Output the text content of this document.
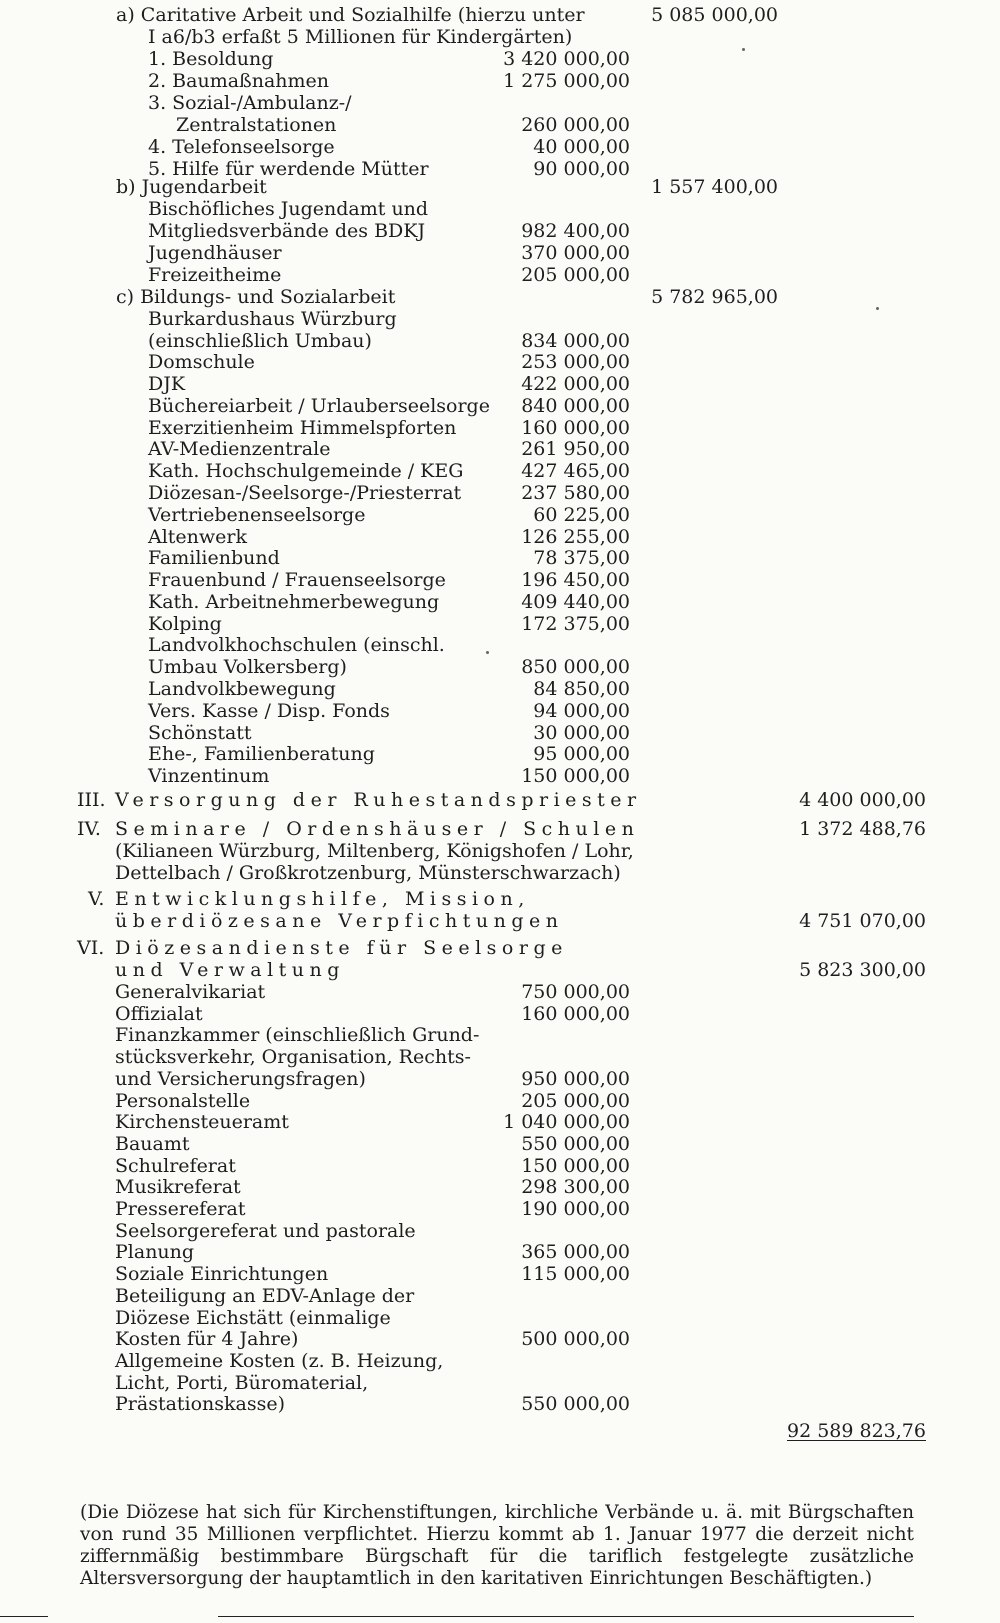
a) Caritative Arbeit und Sozialhilfe (hierzu unter	5 085 000,00
I a6/b3 erfaßt 5 Millionen für Kindergärten)
1. Besoldung	3 420 000,00
2. Baumaßnahmen	1 275 000,00
3. Sozial-/Ambulanz-/
Zentralstationen	260 000,00
4. Telefonseelsorge	40 000,00
5. Hilfe für werdende Mütter	90 000,00
b) Jugendarbeit	1 557 400,00
Bischöfliches Jugendamt und
Mitgliedsverbände des BDKJ	982 400,00
Jugendhäuser	370 000,00
Freizeitheime	205 000,00
c) Bildungs- und Sozialarbeit	5 782 965,00
Burkardushaus Würzburg
(einschließlich Umbau)	834 000,00
Domschule	253 000,00
DJK	422 000,00
Büchereiarbeit / Urlauberseelsorge 840 000,00
Exerzitienheim Himmelspforten	160 000,00
AV-Medienzentrale	261 950,00
Kath. Hochschulgemeinde / KEG	427 465,00
Diözesan-/Seelsorge-/Priesterrat	237 580,00
Vertriebenenseelsorge	60 225,00
Altenwerk	126 255,00
Familienbund	78 375,00
Frauenbund / Frauenseelsorge	196 450,00
Kath. Arbeitnehmerbewegung	409 440,00
Kolping	172 375,00
Landvolkhochschulen (einschl.
Umbau Volkersberg)	850 000,00
Landvolkbewegung	84 850,00
Vers. Kasse / Disp. Fonds	94 000,00
Schönstatt	30 000,00
Ehe-, Familienberatung	95 000,00
Vinzentinum	150 000,00
III. Versorgung der Ruhestandspriester	4 400 000,00
IV. Seminare / Ordenshäuser / Schulen	1 372 488,76
(Kilianeen Würzburg, Miltenberg, Königshofen / Lohr,
Dettelbach / Großkrotzenburg, Münsterschwarzach)
V. Entwicklungshilfe, Mission,
überdiözesane Verpfichtungen	4 751 070,00
VI. Diözesandienste für Seelsorge
und Verwaltung	5 823 300,00
Generalvikariat	750 000,00
Offizialat	160 000,00
Finanzkammer (einschließlich Grund-
stücksverkehr, Organisation, Rechts-
und Versicherungsfragen)	950 000,00
Personalstelle	205 000,00
Kirchensteueramt	1 040 000,00
Bauamt	550 000,00
Schulreferat	150 000,00
Musikreferat	298 300,00
Pressereferat	190 000,00
Seelsorgereferat und pastorale
Planung	365 000,00
Soziale Einrichtungen	115 000,00
Beteiligung an EDV-Anlage der
Diözese Eichstätt (einmalige
Kosten für 4 Jahre)	500 000,00
Allgemeine Kosten (z. B. Heizung,
Licht, Porti, Büromaterial,
Prästationskasse)	550 000,00
92 589 823,76
(Die Diözese hat sich für Kirchenstiftungen, kirchliche Verbände u. ä. mit Bürgschaften von rund 35 Millionen verpflichtet. Hierzu kommt ab 1. Januar 1977 die derzeit nicht ziffernmäßig bestimmbare Bürgschaft für die tariflich festgelegte zusätzliche Altersversorgung der hauptamtlich in den karitativen Einrichtungen Beschäftigten.)
